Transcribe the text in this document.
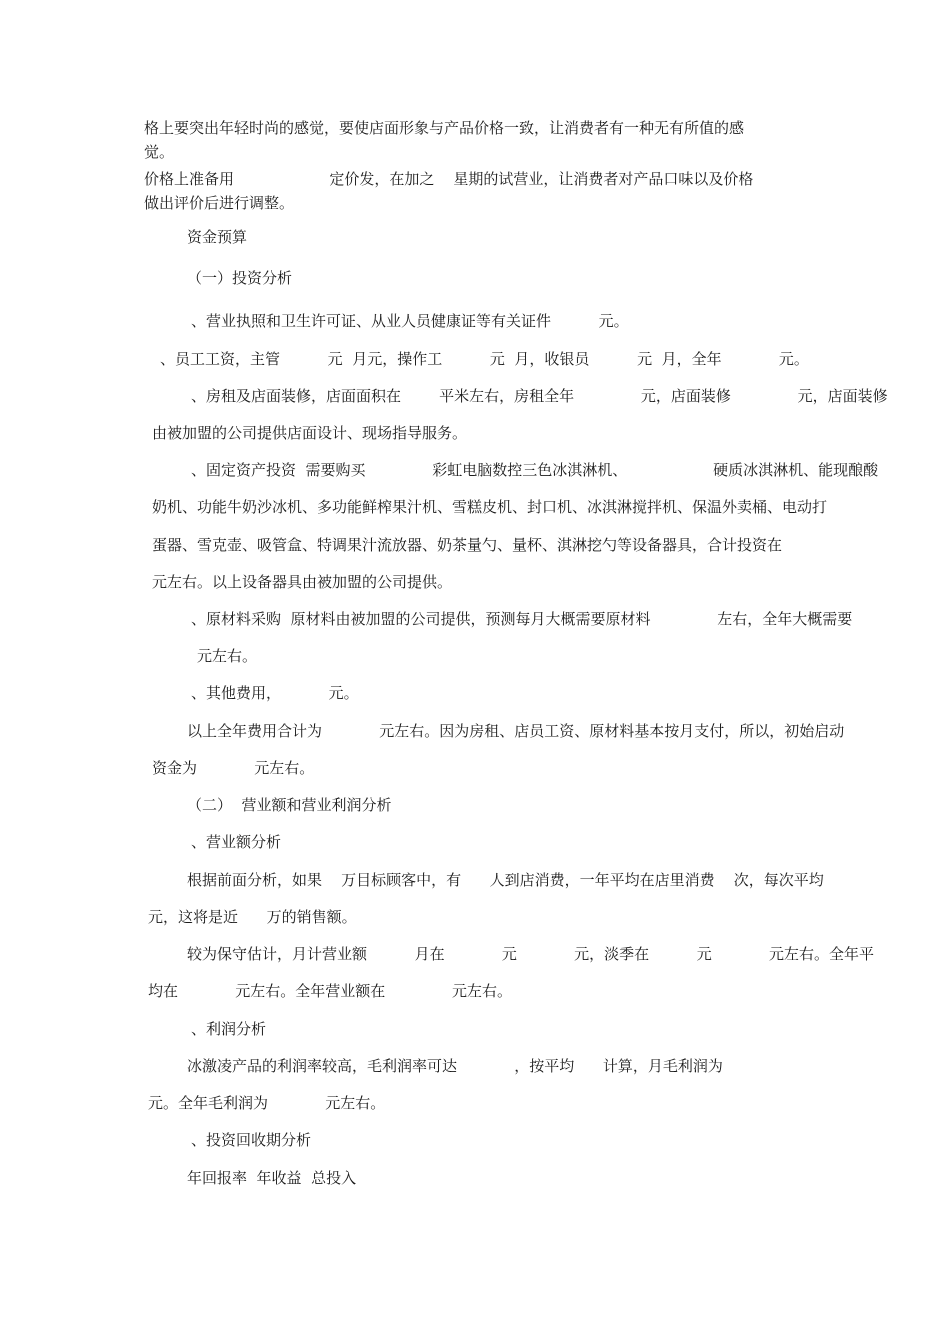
格上要突出年轻时尚的感觉，要使店面形象与产品价格一致，让消费者有一种无有所值的感
觉。
价格上准备用                    定价发，在加之    星期的试营业，让消费者对产品口味以及价格
做出评价后进行调整。
资金预算
（一）投资分析
、营业执照和卫生许可证、从业人员健康证等有关证件          元。
、员工工资，主管          元  月元，操作工          元  月，收银员          元  月，全年            元。
、房租及店面装修，店面面积在        平米左右，房租全年              元，店面装修              元，店面装修
由被加盟的公司提供店面设计、现场指导服务。
、固定资产投资  需要购买              彩虹电脑数控三色冰淇淋机、                  硬质冰淇淋机、能现酿酸
奶机、功能牛奶沙冰机、多功能鲜榨果汁机、雪糕皮机、封口机、冰淇淋搅拌机、保温外卖桶、电动打
蛋器、雪克壶、吸管盒、特调果汁流放器、奶茶量勺、量杯、淇淋挖勺等设备器具，合计投资在
元左右。以上设备器具由被加盟的公司提供。
、原材料采购  原材料由被加盟的公司提供，预测每月大概需要原材料              左右，全年大概需要
元左右。
、其他费用，          元。
以上全年费用合计为            元左右。因为房租、店员工资、原材料基本按月支付，所以，初始启动
资金为            元左右。
（二）  营业额和营业利润分析
、营业额分析
根据前面分析，如果    万目标顾客中，有      人到店消费，一年平均在店里消费    次，每次平均
元，这将是近      万的销售额。
较为保守估计，月计营业额          月在            元            元，淡季在          元            元左右。全年平
均在            元左右。全年营业额在              元左右。
、利润分析
冰激凌产品的利润率较高，毛利润率可达            ，按平均      计算，月毛利润为
元。全年毛利润为            元左右。
、投资回收期分析
年回报率  年收益  总投入
